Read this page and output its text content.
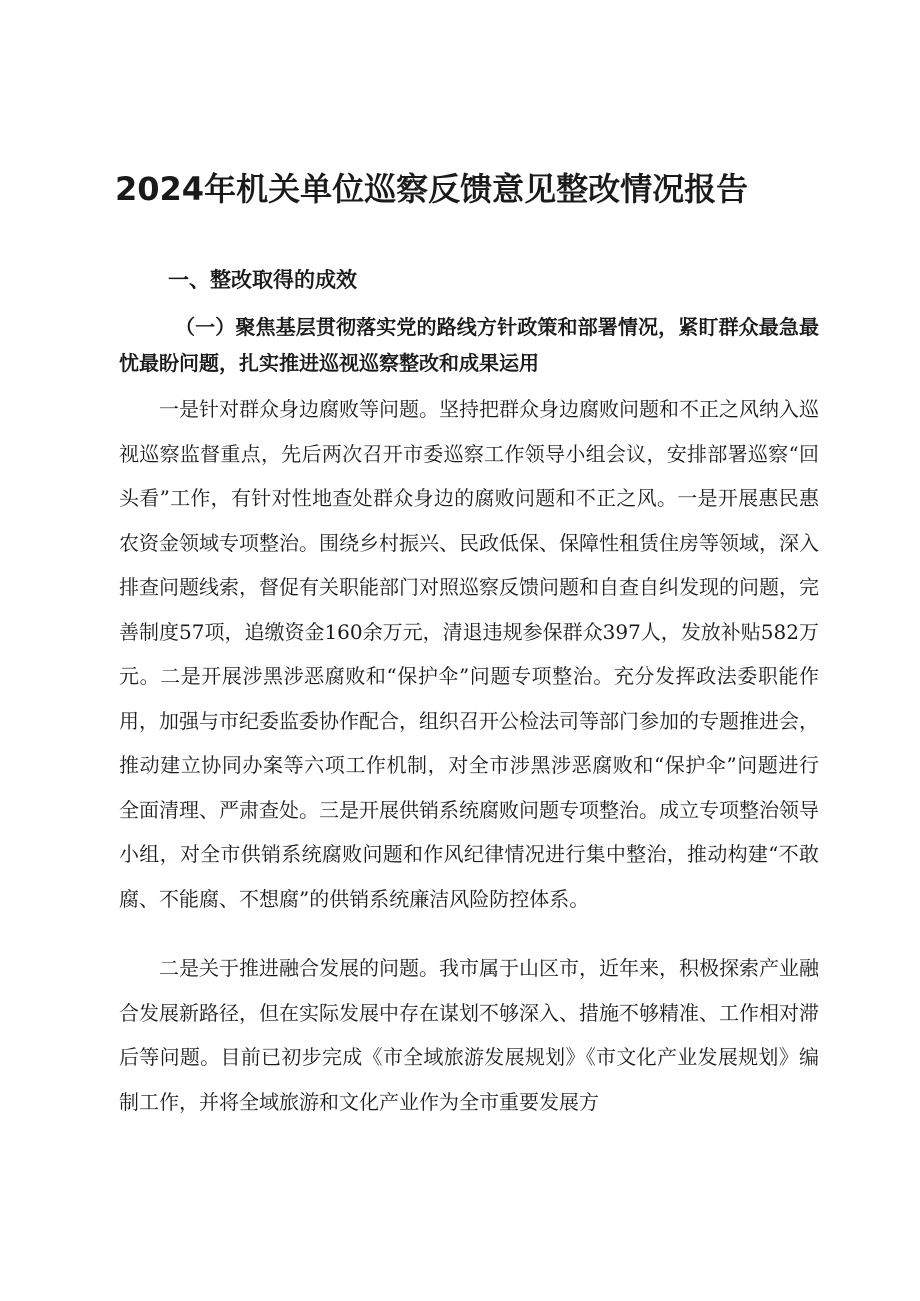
2024年机关单位巡察反馈意见整改情况报告
一、整改取得的成效

（一）聚焦基层贯彻落实党的路线方针政策和部署情况，紧盯群众最急最忧最盼问题，扎实推进巡视巡察整改和成果运用

一是针对群众身边腐败等问题。坚持把群众身边腐败问题和不正之风纳入巡视巡察监督重点，先后两次召开市委巡察工作领导小组会议，安排部署巡察“回头看”工作，有针对性地查处群众身边的腐败问题和不正之风。一是开展惠民惠农资金领域专项整治。围绕乡村振兴、民政低保、保障性租赁住房等领域，深入排查问题线索，督促有关职能部门对照巡察反馈问题和自查自纠发现的问题，完善制度57项，追缴资金160余万元，清退违规参保群众397人，发放补贴582万元。二是开展涉黑涉恶腐败和“保护伞”问题专项整治。充分发挥政法委职能作用，加强与市纪委监委协作配合，组织召开公检法司等部门参加的专题推进会，推动建立协同办案等六项工作机制，对全市涉黑涉恶腐败和“保护伞”问题进行全面清理、严肃查处。三是开展供销系统腐败问题专项整治。成立专项整治领导小组，对全市供销系统腐败问题和作风纪律情况进行集中整治，推动构建“不敢腐、不能腐、不想腐”的供销系统廉洁风险防控体系。

二是关于推进融合发展的问题。我市属于山区市，近年来，积极探索产业融合发展新路径，但在实际发展中存在谋划不够深入、措施不够精准、工作相对滞后等问题。目前已初步完成《市全域旅游发展规划》《市文化产业发展规划》编制工作，并将全域旅游和文化产业作为全市重要发展方
